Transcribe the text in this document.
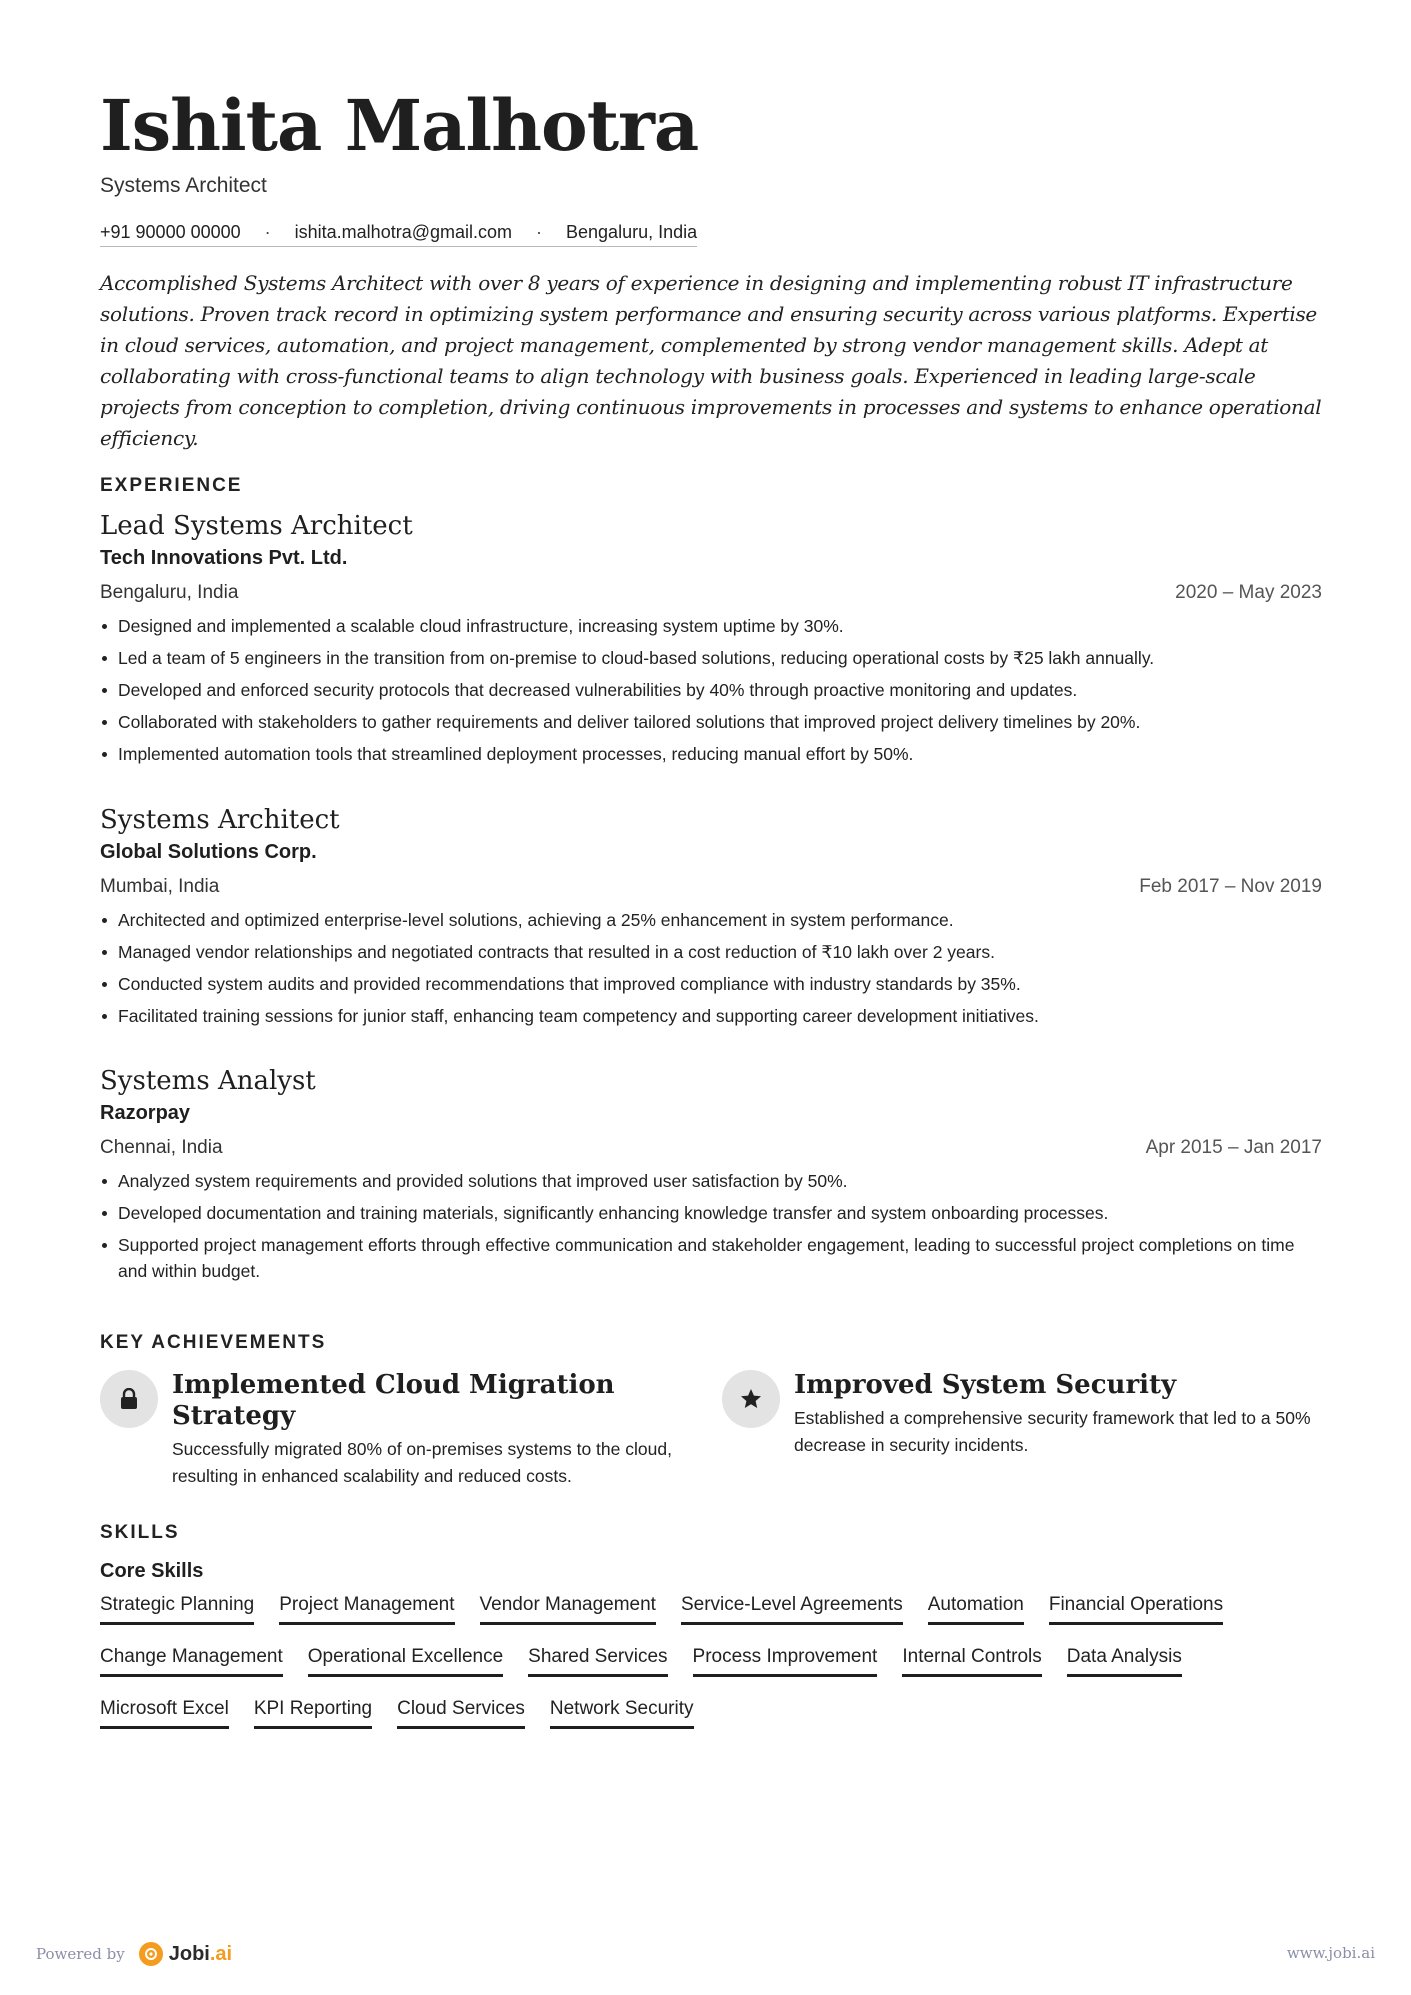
Ishita Malhotra
Systems Architect
+91 90000 00000	·	ishita.malhotra@gmail.com	·	Bengaluru, India

Accomplished Systems Architect with over 8 years of experience in designing and implementing robust IT infrastructure solutions. Proven track record in optimizing system performance and ensuring security across various platforms. Expertise in cloud services, automation, and project management, complemented by strong vendor management skills. Adept at collaborating with cross-functional teams to align technology with business goals. Experienced in leading large-scale projects from conception to completion, driving continuous improvements in processes and systems to enhance operational efficiency.

EXPERIENCE
Lead Systems Architect
Tech Innovations Pvt. Ltd.
Bengaluru, India	2020 – May 2023
Designed and implemented a scalable cloud infrastructure, increasing system uptime by 30%.
Led a team of 5 engineers in the transition from on-premise to cloud-based solutions, reducing operational costs by ₹25 lakh annually.
Developed and enforced security protocols that decreased vulnerabilities by 40% through proactive monitoring and updates.
Collaborated with stakeholders to gather requirements and deliver tailored solutions that improved project delivery timelines by 20%.
Implemented automation tools that streamlined deployment processes, reducing manual effort by 50%.
Systems Architect
Global Solutions Corp.
Mumbai, India	Feb 2017 – Nov 2019
Architected and optimized enterprise-level solutions, achieving a 25% enhancement in system performance.
Managed vendor relationships and negotiated contracts that resulted in a cost reduction of ₹10 lakh over 2 years.
Conducted system audits and provided recommendations that improved compliance with industry standards by 35%.
Facilitated training sessions for junior staff, enhancing team competency and supporting career development initiatives.
Systems Analyst
Razorpay
Chennai, India	Apr 2015 – Jan 2017
Analyzed system requirements and provided solutions that improved user satisfaction by 50%.
Developed documentation and training materials, significantly enhancing knowledge transfer and system onboarding processes.
Supported project management efforts through effective communication and stakeholder engagement, leading to successful project completions on time and within budget.
KEY ACHIEVEMENTS
Implemented Cloud Migration Strategy
Successfully migrated 80% of on-premises systems to the cloud, resulting in enhanced scalability and reduced costs.
Improved System Security
Established a comprehensive security framework that led to a 50% decrease in security incidents.
SKILLS
Core Skills
Strategic Planning Project Management Vendor Management Service-Level Agreements Automation Financial Operations
Change Management Operational Excellence Shared Services Process Improvement Internal Controls Data Analysis
Microsoft Excel KPI Reporting Cloud Services Network Security
Powered by Jobi.ai	www.jobi.ai
